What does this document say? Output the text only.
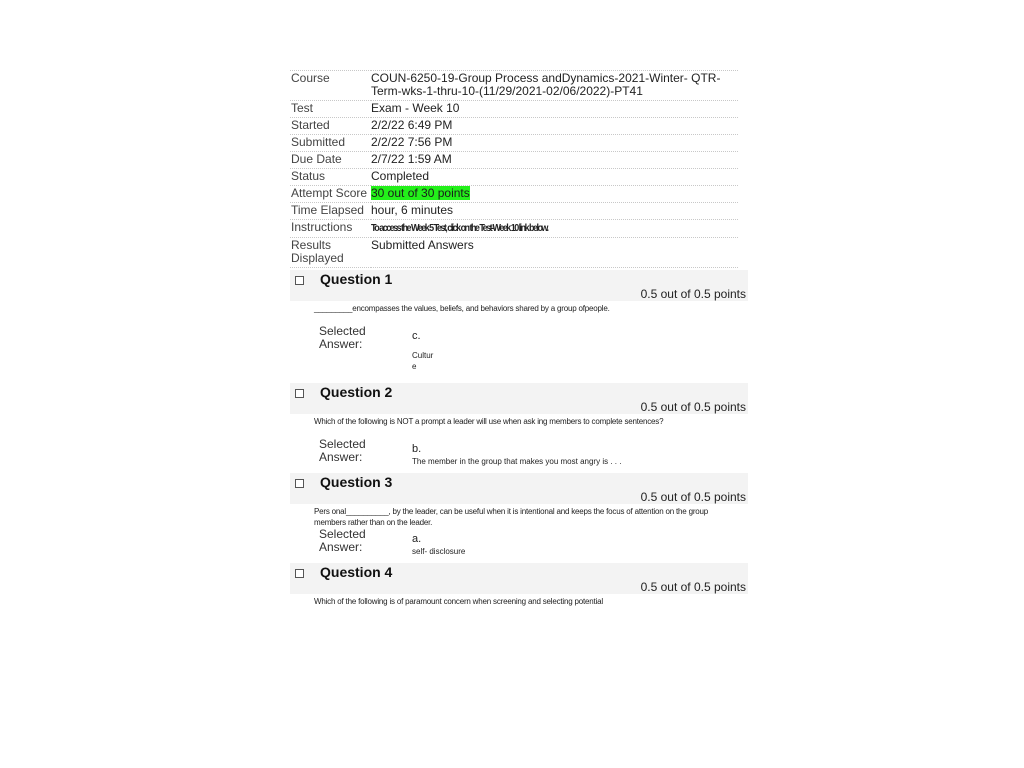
Course	COUN-6250-19-Group Process andDynamics-2021-Winter- QTR-Term-wks-1-thru-10-(11/29/2021-02/06/2022)-PT41
Test	Exam - Week 10
Started	2/2/22 6:49 PM
Submitted	2/2/22 7:56 PM
Due Date	2/7/22 1:59 AM
Status	Completed
Attempt Score	30 out of 30 points
Time Elapsed	hour, 6 minutes
Instructions	To access the Week 5 Test, click on the Test-Week 10 link below.
Results Displayed	Submitted Answers
Question 1
0.5 out of 0.5 points
_________encompasses the values, beliefs, and behaviors shared by a group ofpeople.
Selected Answer:
c.
Cultur
e
Question 2
0.5 out of 0.5 points
Which of the following is NOT a prompt a leader will use when ask ing members to complete sentences?
Selected Answer:
b.
The member in the group that makes you most angry is . . .
Question 3
0.5 out of 0.5 points
Pers onal__________, by the leader, can be useful when it is intentional and keeps the focus of attention on the group members rather than on the leader.
Selected Answer:
a.
self- disclosure
Question 4
0.5 out of 0.5 points
Which of the following is of paramount concern when screening and selecting potential
